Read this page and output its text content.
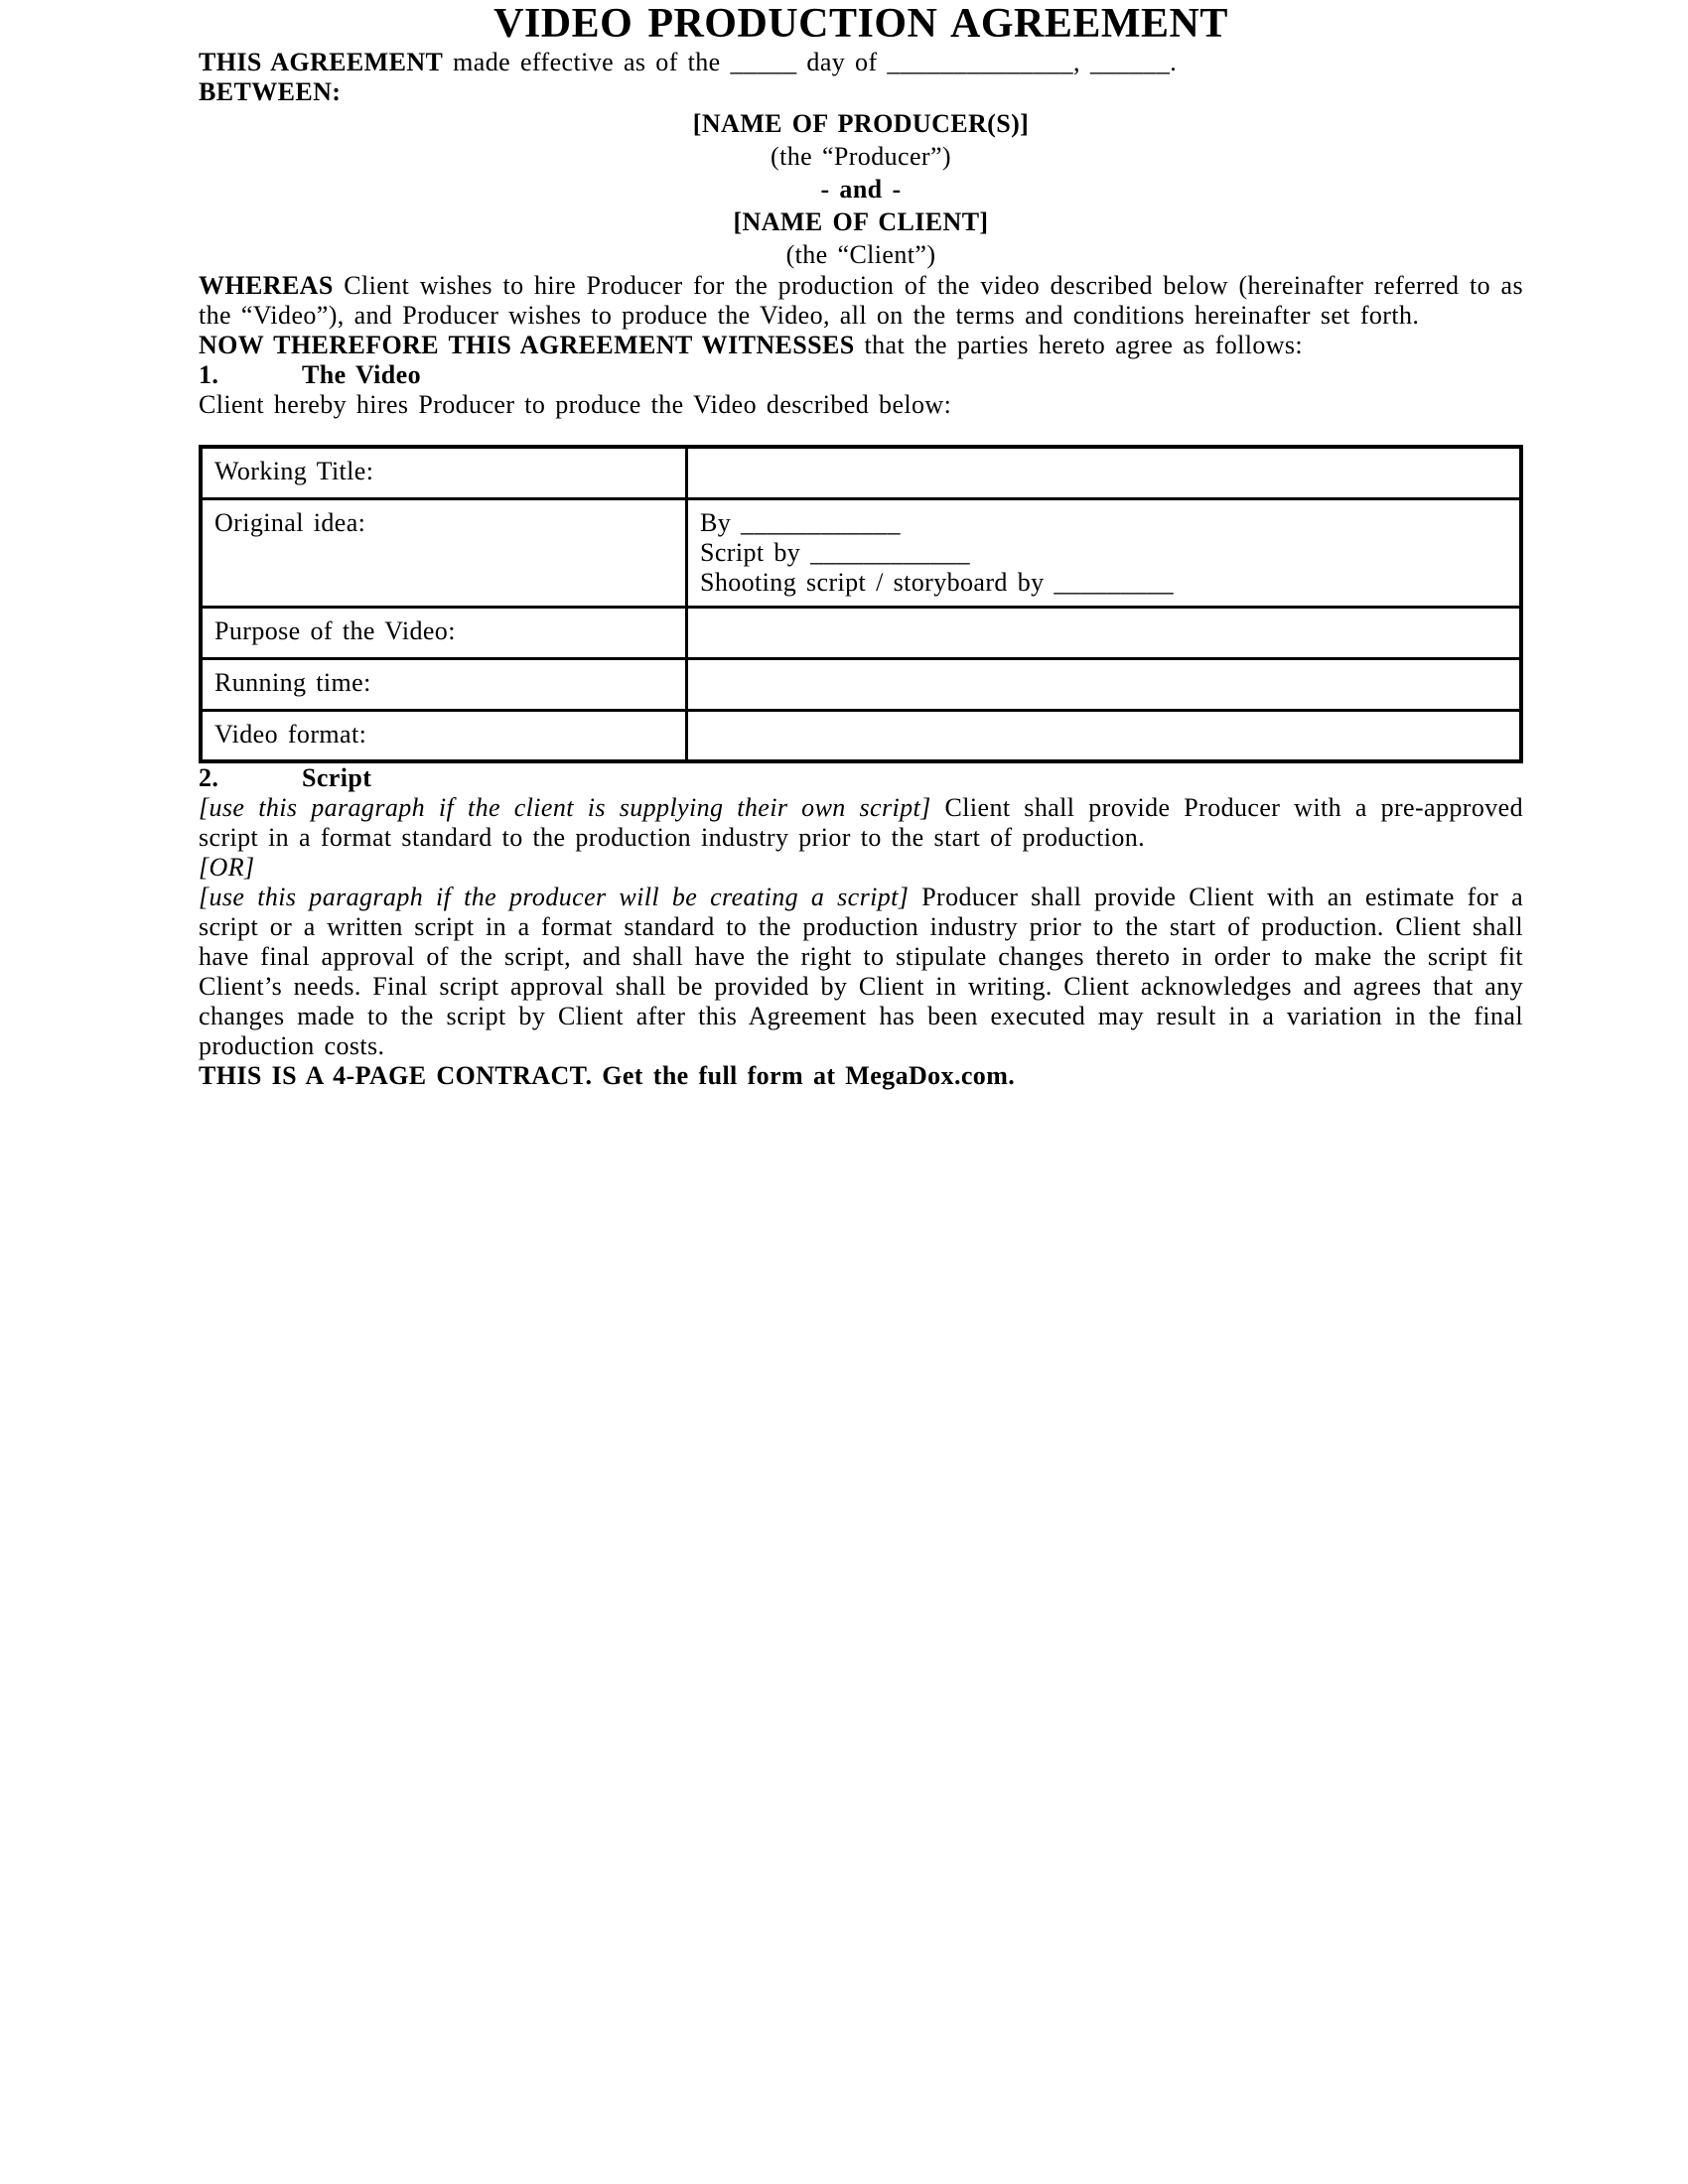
VIDEO PRODUCTION AGREEMENT

THIS AGREEMENT made effective as of the _____ day of ______________, ______.

BETWEEN:

[NAME OF PRODUCER(S)]

(the “Producer”)

- and -

[NAME OF CLIENT]

(the “Client”)

WHEREAS Client wishes to hire Producer for the production of the video described below (hereinafter referred to as the “Video”), and Producer wishes to produce the Video, all on the terms and conditions hereinafter set forth.

NOW THEREFORE THIS AGREEMENT WITNESSES that the parties hereto agree as follows:

1.	The Video

Client hereby hires Producer to produce the Video described below:

Working Title:	
Original idea:	By ____________
Script by ____________
Shooting script / storyboard by _________

Purpose of the Video:	
Running time:	
Video format:	
2.	Script

[use this paragraph if the client is supplying their own script] Client shall provide Producer with a pre-approved script in a format standard to the production industry prior to the start of production.

[OR]

[use this paragraph if the producer will be creating a script] Producer shall provide Client with an estimate for a script or a written script in a format standard to the production industry prior to the start of production. Client shall have final approval of the script, and shall have the right to stipulate changes thereto in order to make the script fit Client’s needs. Final script approval shall be provided by Client in writing. Client acknowledges and agrees that any changes made to the script by Client after this Agreement has been executed may result in a variation in the final production costs.

THIS IS A 4-PAGE CONTRACT. Get the full form at MegaDox.com.
